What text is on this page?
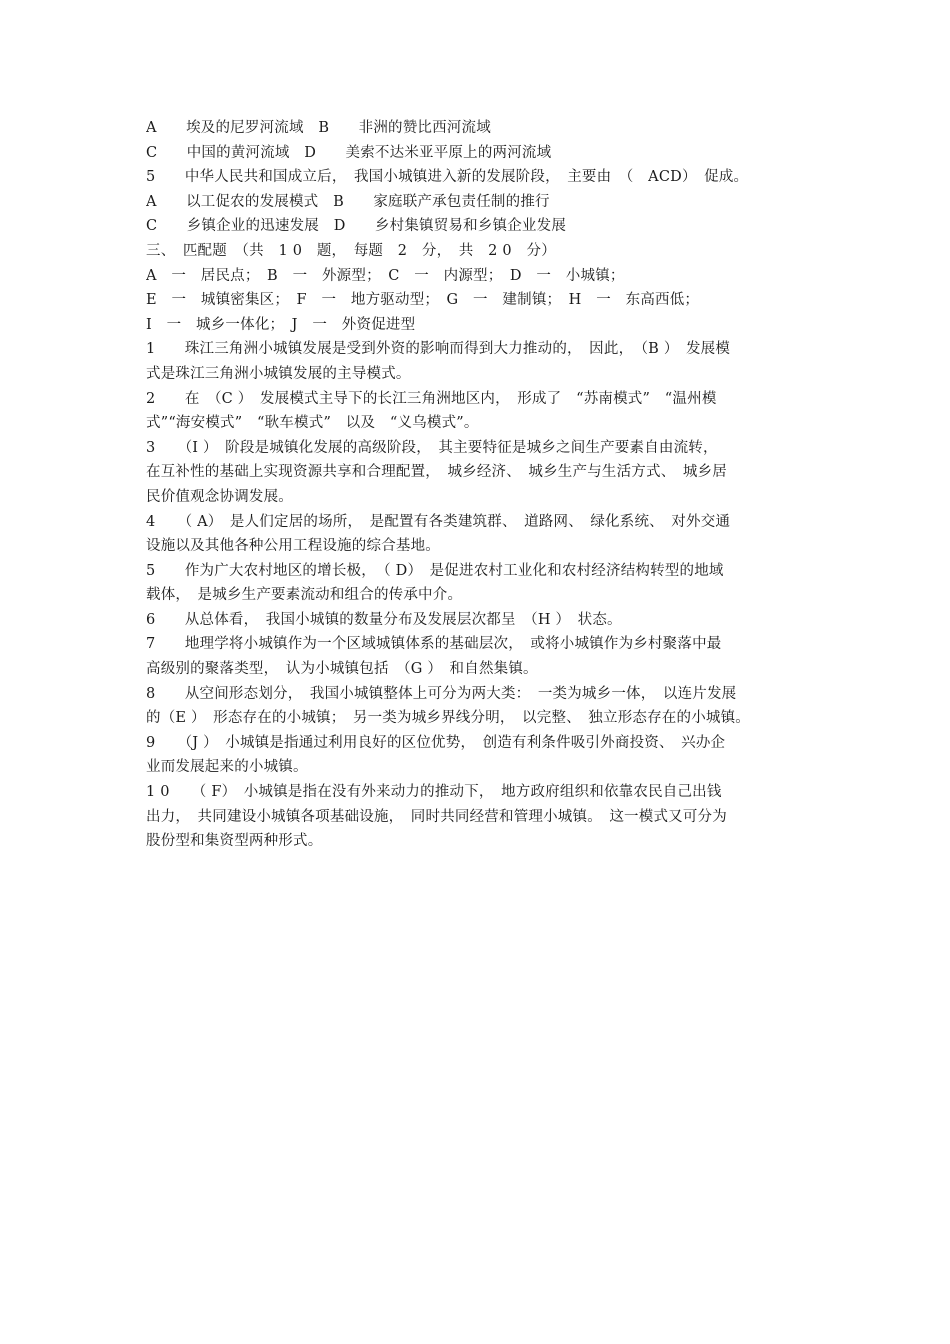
A　　埃及的尼罗河流域　B　　非洲的赞比西河流域
C　　中国的黄河流域　D　　美索不达米亚平原上的两河流域
5　　中华人民共和国成立后，　我国小城镇进入新的发展阶段，　主要由　（　ACD）　促成。
A　　以工促农的发展模式　B　　家庭联产承包责任制的推行
C　　乡镇企业的迅速发展　D　　乡村集镇贸易和乡镇企业发展
三、　匹配题　（共　1 0　题，　每题　2　分，　共　2 0　分）
A　一　居民点；　B　一　外源型；　C　一　内源型；　D　一　小城镇；
E　一　城镇密集区；　F　一　地方驱动型；　G　一　建制镇；　H　一　东高西低；
I　一　城乡一体化；　J　一　外资促进型
1　　珠江三角洲小城镇发展是受到外资的影响而得到大力推动的，　因此，　（B ）　发展模
式是珠江三角洲小城镇发展的主导模式。
2　　在　（C ）　发展模式主导下的长江三角洲地区内，　形成了　“苏南模式”　“温州模
式”“海安模式”　“耿车模式”　以及　“义乌模式”。
3　　（I ）　阶段是城镇化发展的高级阶段，　其主要特征是城乡之间生产要素自由流转，
在互补性的基础上实现资源共享和合理配置，　城乡经济、　城乡生产与生活方式、　城乡居
民价值观念协调发展。
4　　（ A）　是人们定居的场所，　是配置有各类建筑群、　道路网、　绿化系统、　对外交通
设施以及其他各种公用工程设施的综合基地。
5　　作为广大农村地区的增长极，　（ D）　是促进农村工业化和农村经济结构转型的地域
载体，　是城乡生产要素流动和组合的传承中介。
6　　从总体看，　我国小城镇的数量分布及发展层次都呈　（H ）　状态。
7　　地理学将小城镇作为一个区域城镇体系的基础层次，　或将小城镇作为乡村聚落中最
高级别的聚落类型，　认为小城镇包括　（G ）　和自然集镇。
8　　从空间形态划分，　我国小城镇整体上可分为两大类：　一类为城乡一体，　以连片发展
的（E ）　形态存在的小城镇；　另一类为城乡界线分明，　以完整、　独立形态存在的小城镇。
9　　（J ）　小城镇是指通过利用良好的区位优势，　创造有利条件吸引外商投资、　兴办企
业而发展起来的小城镇。
1 0　　（ F）　小城镇是指在没有外来动力的推动下，　地方政府组织和依靠农民自己出钱
出力，　共同建设小城镇各项基础设施，　同时共同经营和管理小城镇。　这一模式又可分为
股份型和集资型两种形式。
